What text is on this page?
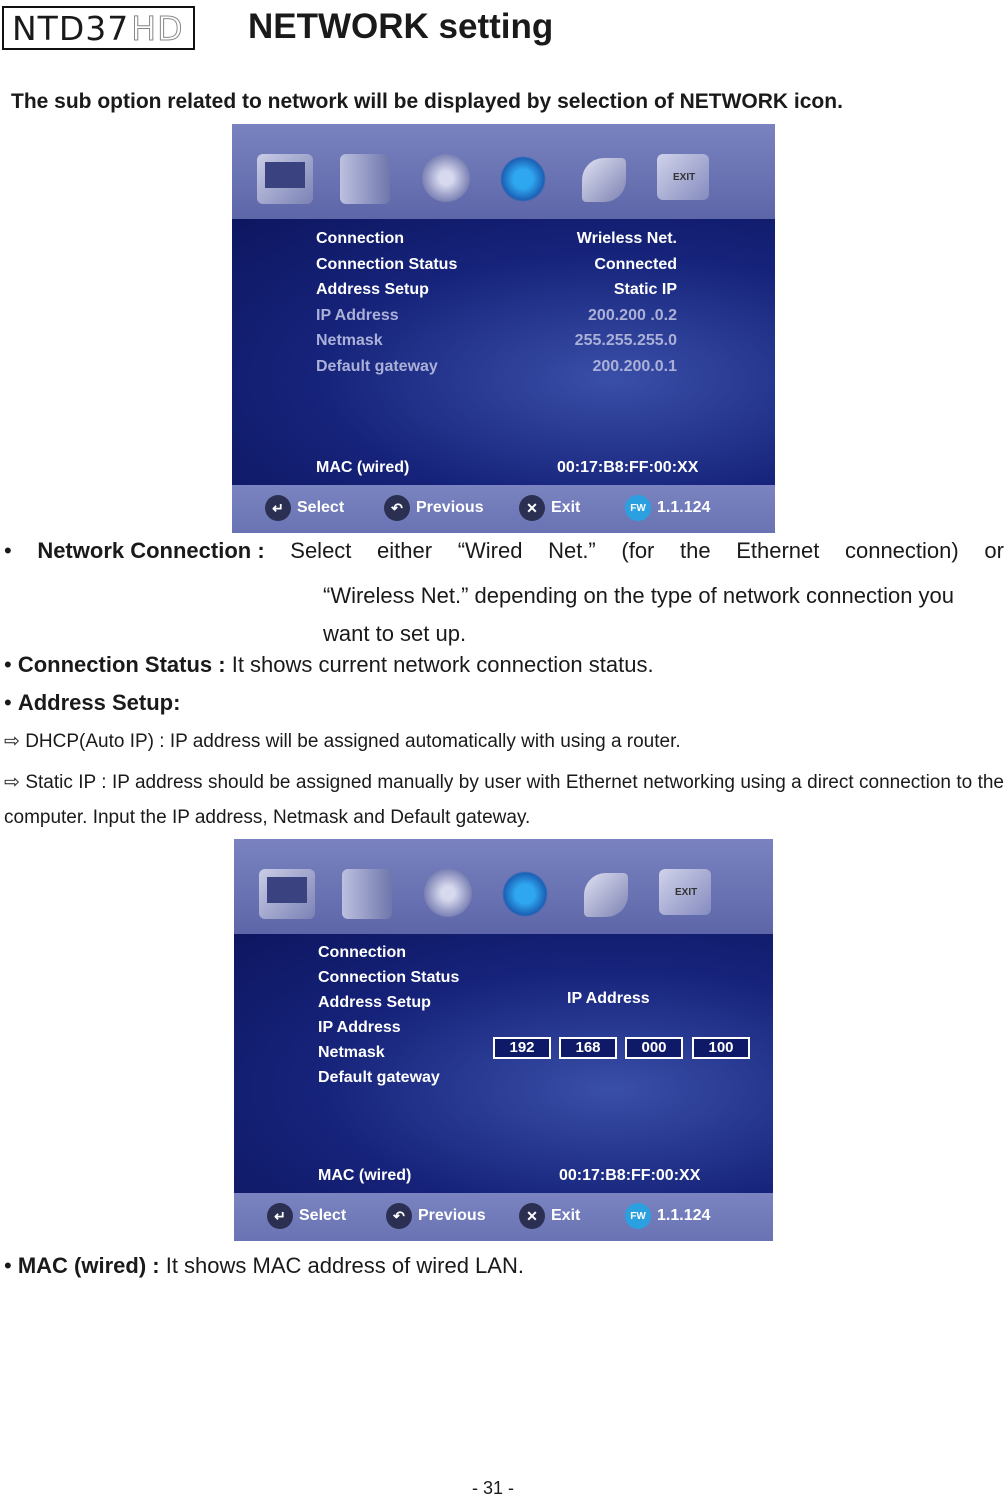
NTD37 HD NETWORK setting
The sub option related to network will be displayed by selection of NETWORK icon.
EXIT
Connection	Wrieless Net.
Connection Status	Connected
Address Setup	Static IP
IP Address	200.200 .0.2
Netmask	255.255.255.0
Default gateway	200.200.0.1
MAC (wired)	00:17:B8:FF:00:XX
↵ Select	↶ Previous	✕ Exit	FW 1.1.124
• Network Connection : Select either “Wired Net.” (for the Ethernet connection) or
“Wireless Net.” depending on the type of network connection you want to set up.
• Connection Status : It shows current network connection status.
• Address Setup:
⇨ DHCP(Auto IP) : IP address will be assigned automatically with using a router.
⇨ Static IP : IP address should be assigned manually by user with Ethernet networking using a direct connection to the computer. Input the IP address, Netmask and Default gateway.
EXIT
Connection
Connection Status
Address Setup
IP Address
Netmask
Default gateway
IP Address
192	168	000	100
MAC (wired)	00:17:B8:FF:00:XX
↵ Select	↶ Previous	✕ Exit	FW 1.1.124
• MAC (wired) : It shows MAC address of wired LAN.
- 31 -
